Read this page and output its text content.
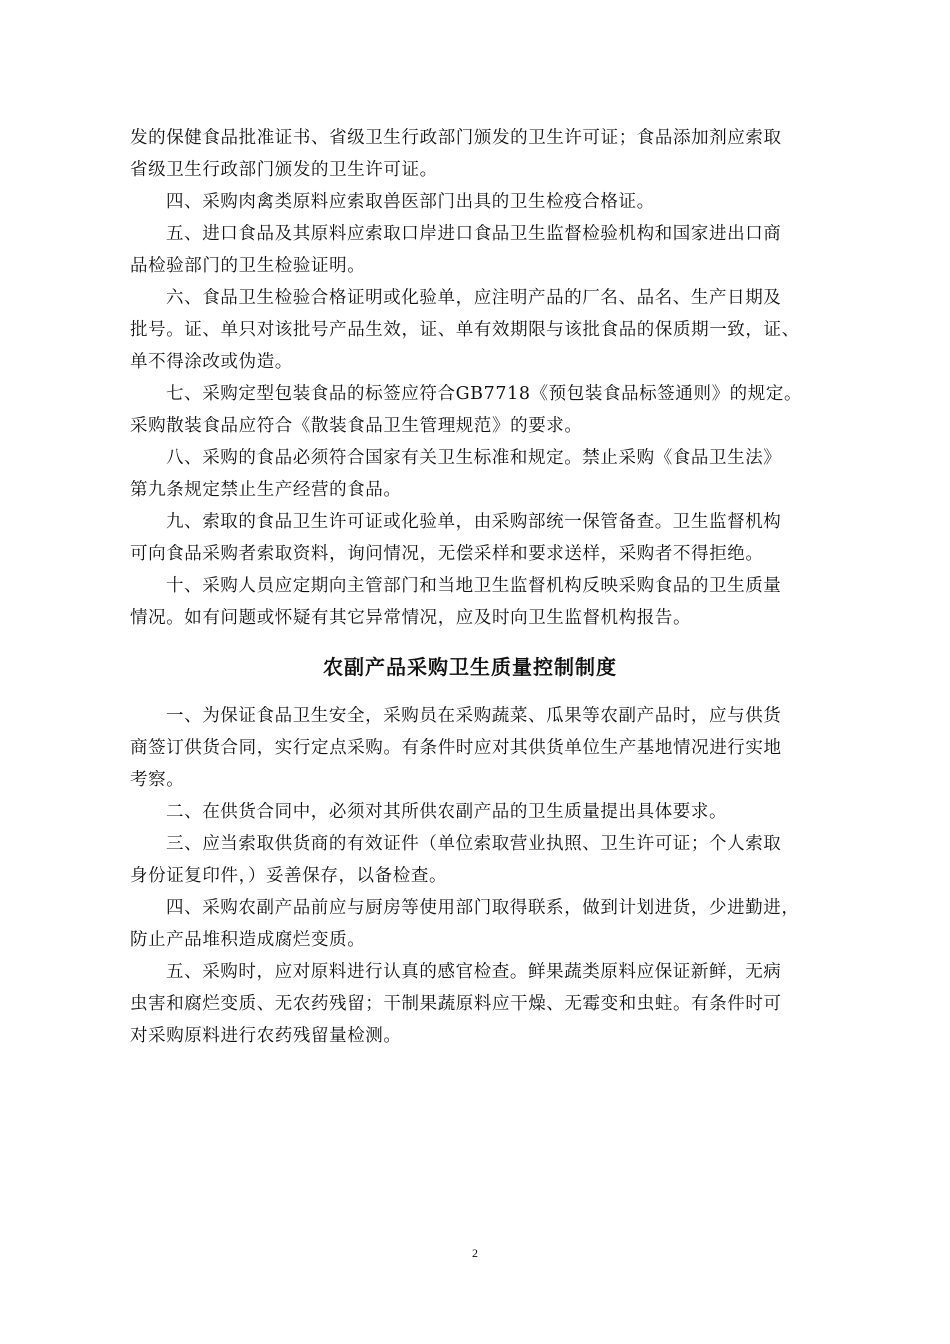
发的保健食品批准证书、省级卫生行政部门颁发的卫生许可证；食品添加剂应索取
省级卫生行政部门颁发的卫生许可证。
四、采购肉禽类原料应索取兽医部门出具的卫生检疫合格证。
五、进口食品及其原料应索取口岸进口食品卫生监督检验机构和国家进出口商
品检验部门的卫生检验证明。
六、食品卫生检验合格证明或化验单，应注明产品的厂名、品名、生产日期及
批号。证、单只对该批号产品生效，证、单有效期限与该批食品的保质期一致，证、
单不得涂改或伪造。
七、采购定型包装食品的标签应符合GB7718《预包装食品标签通则》的规定。
采购散装食品应符合《散装食品卫生管理规范》的要求。
八、采购的食品必须符合国家有关卫生标准和规定。禁止采购《食品卫生法》
第九条规定禁止生产经营的食品。
九、索取的食品卫生许可证或化验单，由采购部统一保管备查。卫生监督机构
可向食品采购者索取资料，询问情况，无偿采样和要求送样，采购者不得拒绝。
十、采购人员应定期向主管部门和当地卫生监督机构反映采购食品的卫生质量
情况。如有问题或怀疑有其它异常情况，应及时向卫生监督机构报告。
农副产品采购卫生质量控制制度
一、为保证食品卫生安全，采购员在采购蔬菜、瓜果等农副产品时，应与供货
商签订供货合同，实行定点采购。有条件时应对其供货单位生产基地情况进行实地
考察。
二、在供货合同中，必须对其所供农副产品的卫生质量提出具体要求。
三、应当索取供货商的有效证件（单位索取营业执照、卫生许可证；个人索取
身份证复印件，）妥善保存，以备检查。
四、采购农副产品前应与厨房等使用部门取得联系，做到计划进货，少进勤进，
防止产品堆积造成腐烂变质。
五、采购时，应对原料进行认真的感官检查。鲜果蔬类原料应保证新鲜，无病
虫害和腐烂变质、无农药残留；干制果蔬原料应干燥、无霉变和虫蛀。有条件时可
对采购原料进行农药残留量检测。
2
